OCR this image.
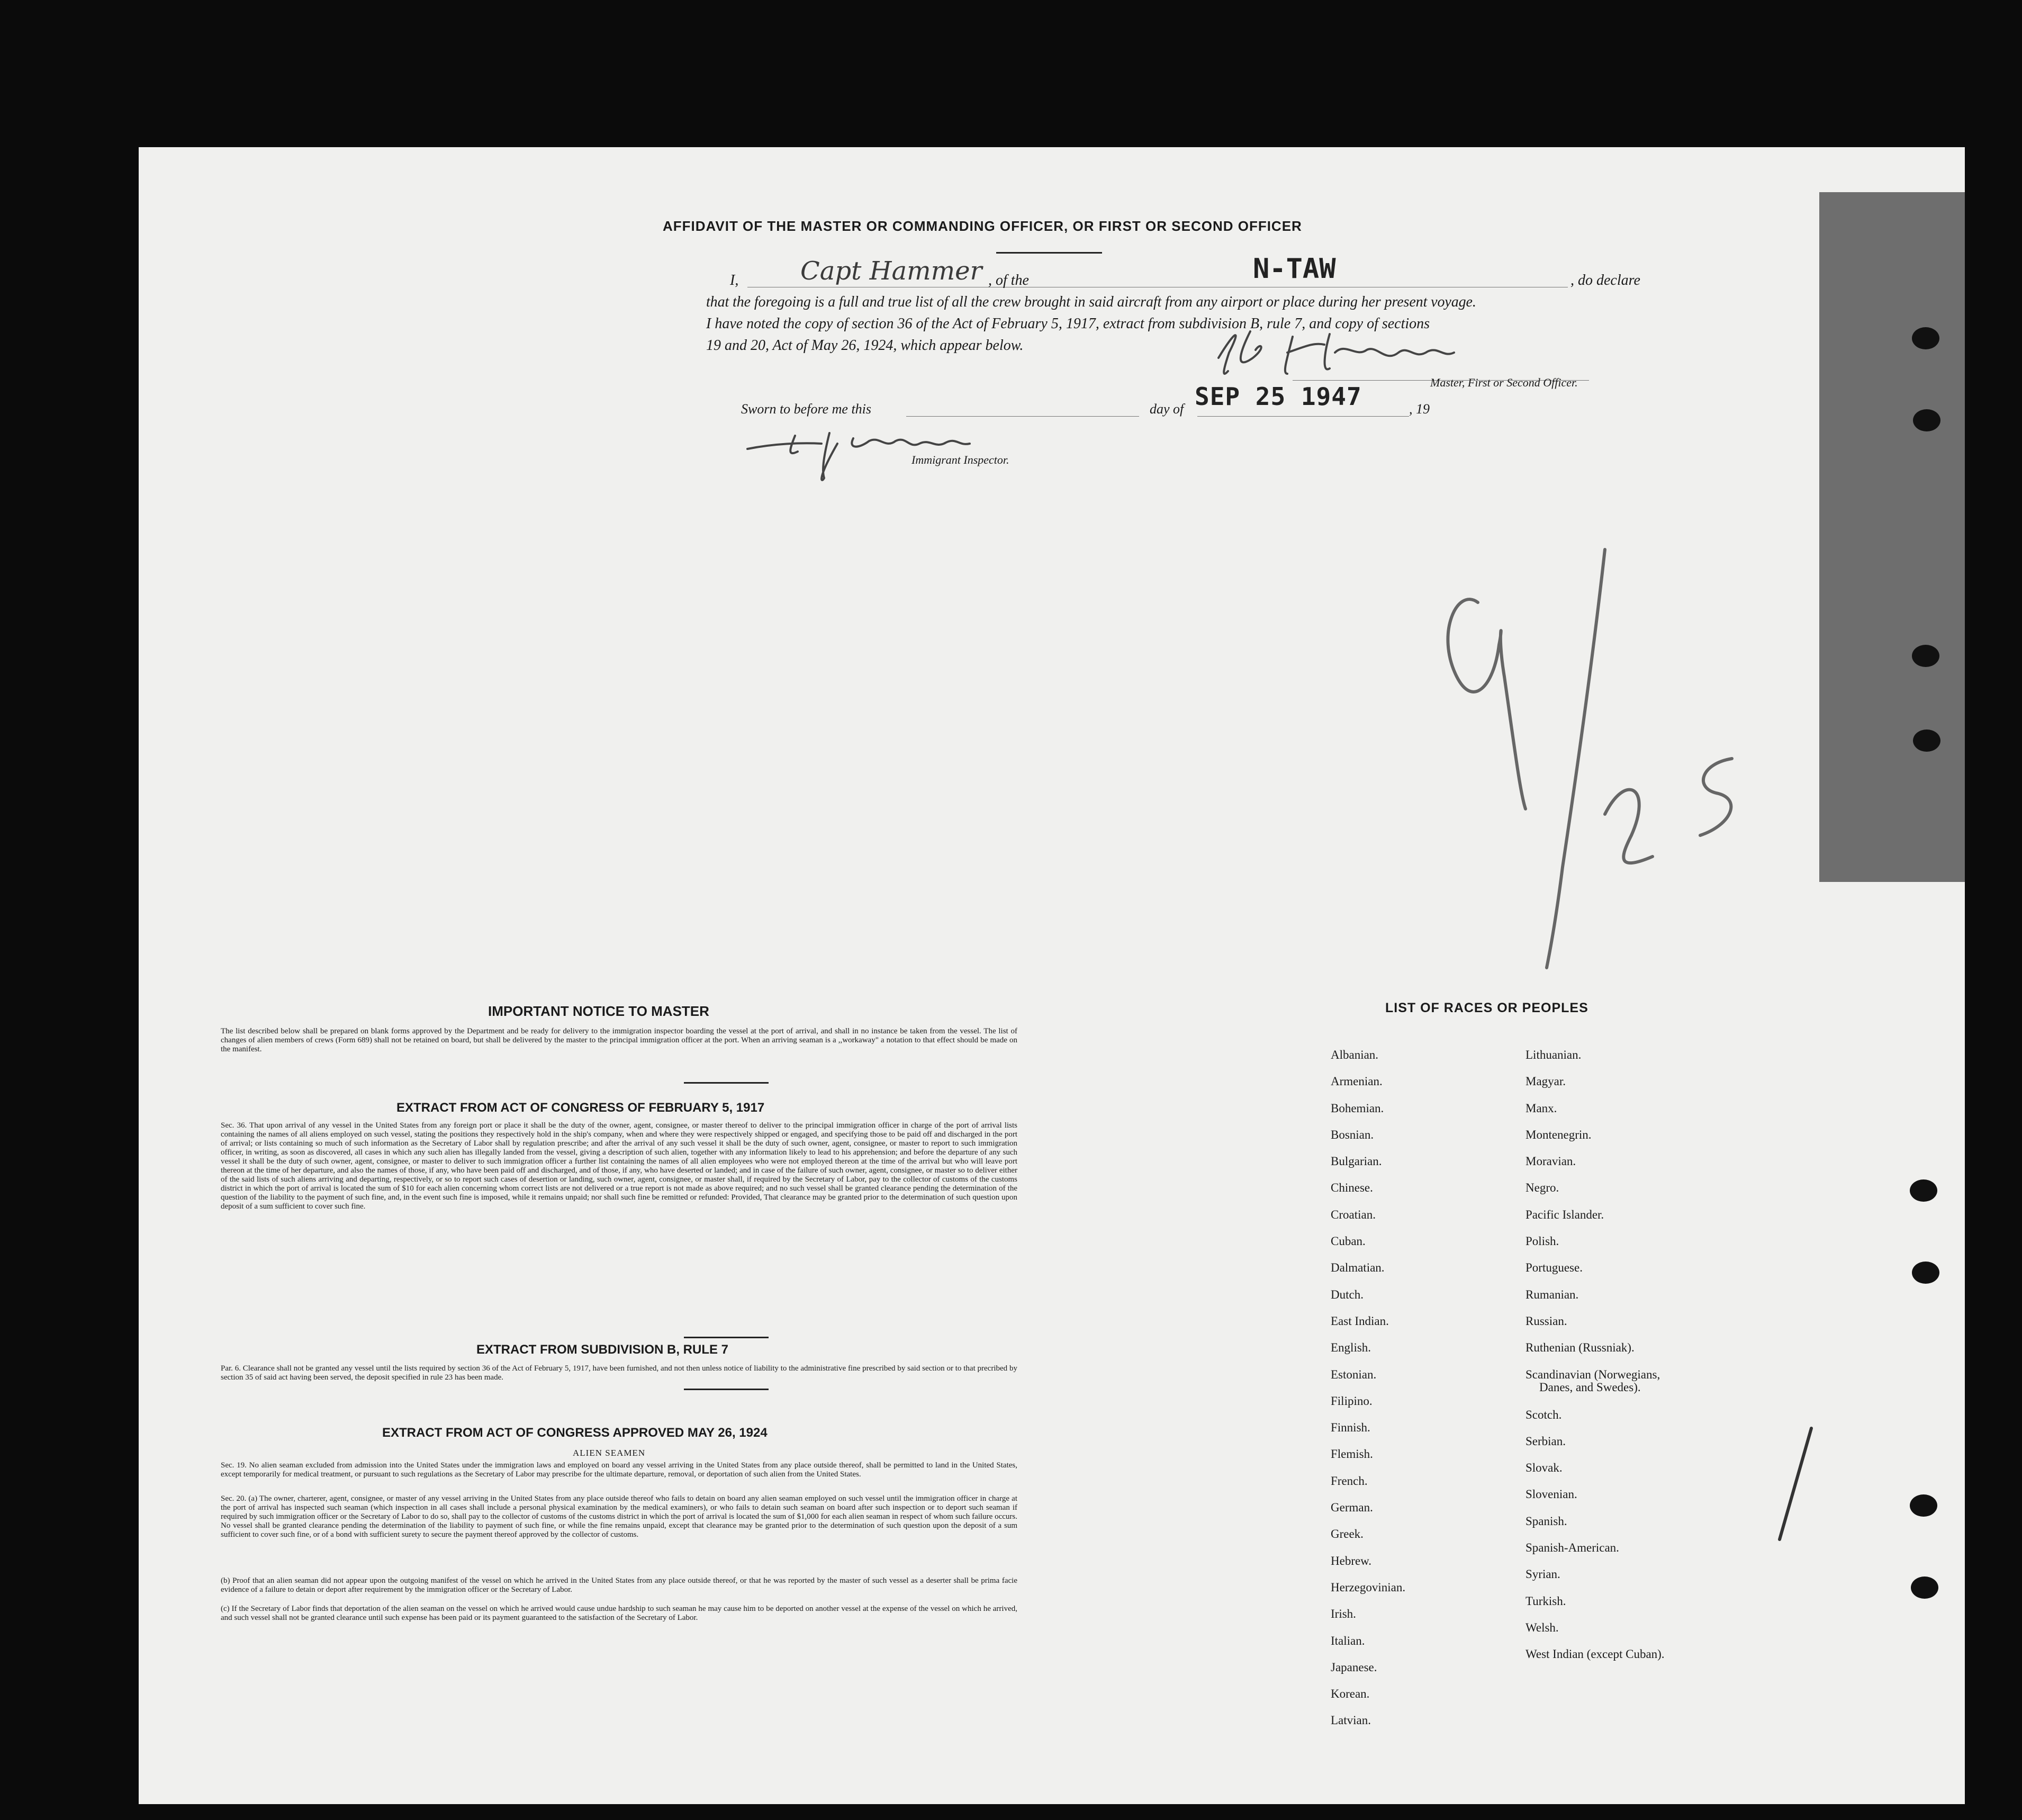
AFFIDAVIT OF THE MASTER OR COMMANDING OFFICER, OR FIRST OR SECOND OFFICER
I, Capt Hammer , of the	N-TAW	, do declare
that the foregoing is a full and true list of all the crew brought in said aircraft from any airport or place during her present voyage.
I have noted the copy of section 36 of the Act of February 5, 1917, extract from subdivision B, rule 7, and copy of sections
19 and 20, Act of May 26, 1924, which appear below.
Master, First or Second Officer.
Sworn to before me this	day of SEP 25 1947	, 19
Immigrant Inspector.
IMPORTANT NOTICE TO MASTER
The list described below shall be prepared on blank forms approved by the Department and be ready for delivery to the immigration inspector boarding the vessel at the port of arrival, and shall in no instance be taken from the vessel. The list of changes of alien members of crews (Form 689) shall not be retained on board, but shall be delivered by the master to the principal immigration officer at the port. When an arriving seaman is a ,,workaway" a notation to that effect should be made on the manifest.
EXTRACT FROM ACT OF CONGRESS OF FEBRUARY 5, 1917
Sec. 36. That upon arrival of any vessel in the United States from any foreign port or place it shall be the duty of the owner, agent, consignee, or master thereof to deliver to the principal immigration officer in charge of the port of arrival lists containing the names of all aliens employed on such vessel, stating the positions they respectively hold in the ship's company, when and where they were respectively shipped or engaged, and specifying those to be paid off and discharged in the port of arrival; or lists containing so much of such information as the Secretary of Labor shall by regulation prescribe; and after the arrival of any such vessel it shall be the duty of such owner, agent, consignee, or master to report to such immigration officer, in writing, as soon as discovered, all cases in which any such alien has illegally landed from the vessel, giving a description of such alien, together with any information likely to lead to his apprehension; and before the departure of any such vessel it shall be the duty of such owner, agent, consignee, or master to deliver to such immigration officer a further list containing the names of all alien employees who were not employed thereon at the time of the arrival but who will leave port thereon at the time of her departure, and also the names of those, if any, who have been paid off and discharged, and of those, if any, who have deserted or landed; and in case of the failure of such owner, agent, consignee, or master so to deliver either of the said lists of such aliens arriving and departing, respectively, or so to report such cases of desertion or landing, such owner, agent, consignee, or master shall, if required by the Secretary of Labor, pay to the collector of customs of the customs district in which the port of arrival is located the sum of $10 for each alien concerning whom correct lists are not delivered or a true report is not made as above required; and no such vessel shall be granted clearance pending the determination of the question of the liability to the payment of such fine, and, in the event such fine is imposed, while it remains unpaid; nor shall such fine be remitted or refunded: Provided, That clearance may be granted prior to the determination of such question upon deposit of a sum sufficient to cover such fine.
EXTRACT FROM SUBDIVISION B, RULE 7
Par. 6. Clearance shall not be granted any vessel until the lists required by section 36 of the Act of February 5, 1917, have been furnished, and not then unless notice of liability to the administrative fine prescribed by said section or to that precribed by section 35 of said act having been served, the deposit specified in rule 23 has been made.
EXTRACT FROM ACT OF CONGRESS APPROVED MAY 26, 1924
ALIEN SEAMEN
Sec. 19. No alien seaman excluded from admission into the United States under the immigration laws and employed on board any vessel arriving in the United States from any place outside thereof, shall be permitted to land in the United States, except temporarily for medical treatment, or pursuant to such regulations as the Secretary of Labor may prescribe for the ultimate departure, removal, or deportation of such alien from the United States.
Sec. 20. (a) The owner, charterer, agent, consignee, or master of any vessel arriving in the United States from any place outside thereof who fails to detain on board any alien seaman employed on such vessel until the immigration officer in charge at the port of arrival has inspected such seaman (which inspection in all cases shall include a personal physical examination by the medical examiners), or who fails to detain such seaman on board after such inspection or to deport such seaman if required by such immigration officer or the Secretary of Labor to do so, shall pay to the collector of customs of the customs district in which the port of arrival is located the sum of $1,000 for each alien seaman in respect of whom such failure occurs. No vessel shall be granted clearance pending the determination of the liability to payment of such fine, or while the fine remains unpaid, except that clearance may be granted prior to the determination of such question upon the deposit of a sum sufficient to cover such fine, or of a bond with sufficient surety to secure the payment thereof approved by the collector of customs.
(b) Proof that an alien seaman did not appear upon the outgoing manifest of the vessel on which he arrived in the United States from any place outside thereof, or that he was reported by the master of such vessel as a deserter shall be prima facie evidence of a failure to detain or deport after requirement by the immigration officer or the Secretary of Labor.
(c) If the Secretary of Labor finds that deportation of the alien seaman on the vessel on which he arrived would cause undue hardship to such seaman he may cause him to be deported on another vessel at the expense of the vessel on which he arrived, and such vessel shall not be granted clearance until such expense has been paid or its payment guaranteed to the satisfaction of the Secretary of Labor.
LIST OF RACES OR PEOPLES
Albanian.
Armenian.
Bohemian.
Bosnian.
Bulgarian.
Chinese.
Croatian.
Cuban.
Dalmatian.
Dutch.
East Indian.
English.
Estonian.
Filipino.
Finnish.
Flemish.
French.
German.
Greek.
Hebrew.
Herzegovinian.
Irish.
Italian.
Japanese.
Korean.
Latvian.
Lithuanian.
Magyar.
Manx.
Montenegrin.
Moravian.
Negro.
Pacific Islander.
Polish.
Portuguese.
Rumanian.
Russian.
Ruthenian (Russniak).
Scandinavian (Norwegians,
Danes, and Swedes).
Scotch.
Serbian.
Slovak.
Slovenian.
Spanish.
Spanish-American.
Syrian.
Turkish.
Welsh.
West Indian (except Cuban).
